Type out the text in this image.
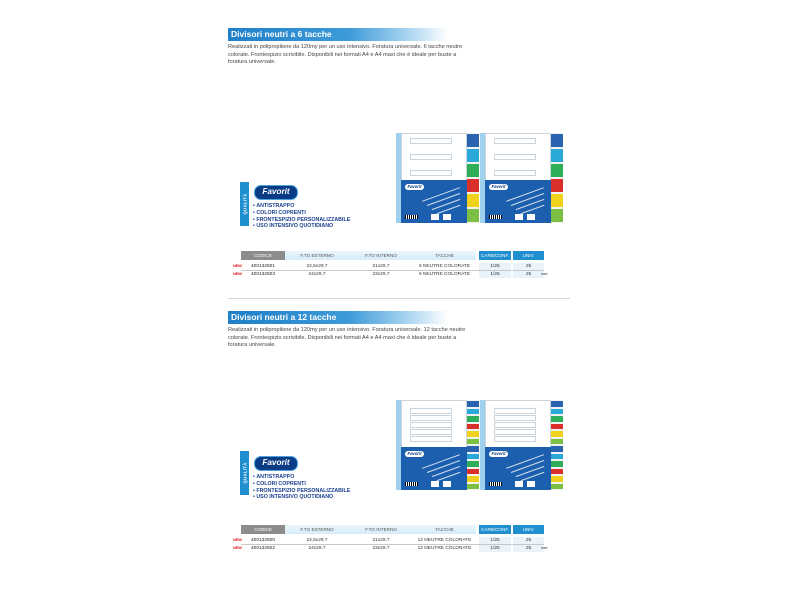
Divisori neutri a 6 tacche
Realizzati in polipropilene da 120my per un uso intensivo. Foratura universale. 6 tacche neutre colorate. Frontespizio scrivibile. Disponibili nei formati A4 e A4 maxi che è ideale per buste a foratura universale.
QUALITÀ
Favorit
• ANTISTRAPPO
• COLORI COPRENTI
• FRONTESPIZIO PERSONALIZZABILE
• USO INTENSIVO QUOTIDIANO
Favorit	Favorit
CODICE	F.TO ESTERNO	F.TO INTERNO	TACCHE	CARB/CONF.	UNIV.
NEW	400132501	22,5x29,7	21x29,7	6 NEUTRE COLORATE	1/25	25
NEW	400132503	24x29,7	23x29,7	6 NEUTRE COLORATE	1/25	25	■■■
Divisori neutri a 12 tacche
Realizzati in polipropilene da 120my per un uso intensivo. Foratura universale. 12 tacche neutre colorate. Frontespizio scrivibile. Disponibili nei formati A4 e A4 maxi che è ideale per buste a foratura universale.
QUALITÀ Favorit
• ANTISTRAPPO
• COLORI COPRENTI
• FRONTESPIZIO PERSONALIZZABILE
• USO INTENSIVO QUOTIDIANO
Favorit	Favorit
CODICE	F.TO ESTERNO	F.TO INTERNO	TACCHE	CARB/CONF.	UNIV.
NEW	400132500	22,5x29,7	21x29,7	12 NEUTRE COLORATE	1/25	25
NEW	400132502	24x29,7	23x29,7	12 NEUTRE COLORATE	1/25	25	■■■
